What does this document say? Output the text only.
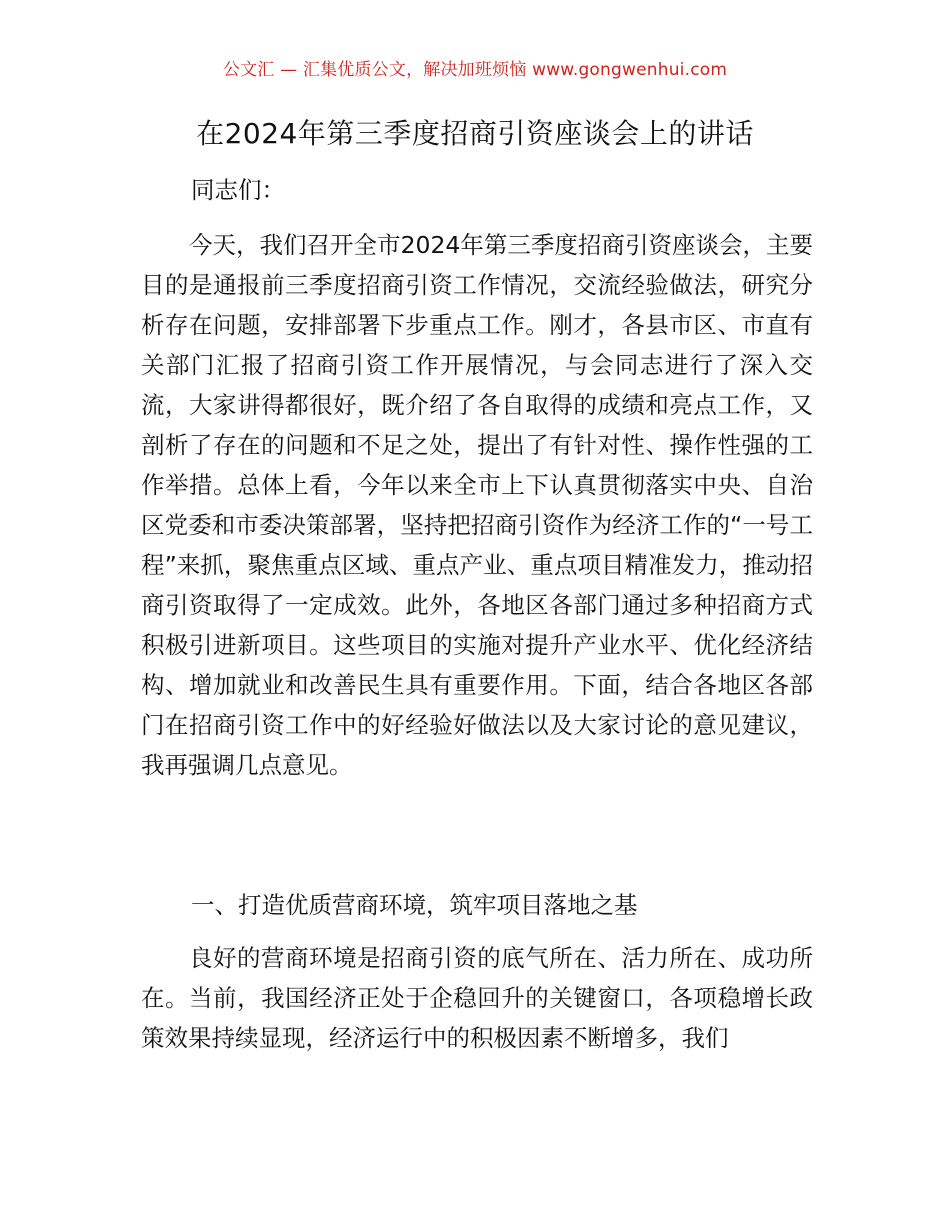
公文汇 — 汇集优质公文，解决加班烦恼 www.gongwenhui.com
在2024年第三季度招商引资座谈会上的讲话
同志们：
今天，我们召开全市2024年第三季度招商引资座谈会，主要目的是通报前三季度招商引资工作情况，交流经验做法，研究分析存在问题，安排部署下步重点工作。刚才，各县市区、市直有关部门汇报了招商引资工作开展情况，与会同志进行了深入交流，大家讲得都很好，既介绍了各自取得的成绩和亮点工作，又剖析了存在的问题和不足之处，提出了有针对性、操作性强的工作举措。总体上看，今年以来全市上下认真贯彻落实中央、自治区党委和市委决策部署，坚持把招商引资作为经济工作的“一号工程”来抓，聚焦重点区域、重点产业、重点项目精准发力，推动招商引资取得了一定成效。此外，各地区各部门通过多种招商方式积极引进新项目。这些项目的实施对提升产业水平、优化经济结构、增加就业和改善民生具有重要作用。下面，结合各地区各部门在招商引资工作中的好经验好做法以及大家讨论的意见建议，我再强调几点意见。
一、打造优质营商环境，筑牢项目落地之基
良好的营商环境是招商引资的底气所在、活力所在、成功所在。当前，我国经济正处于企稳回升的关键窗口，各项稳增长政策效果持续显现，经济运行中的积极因素不断增多，我们
